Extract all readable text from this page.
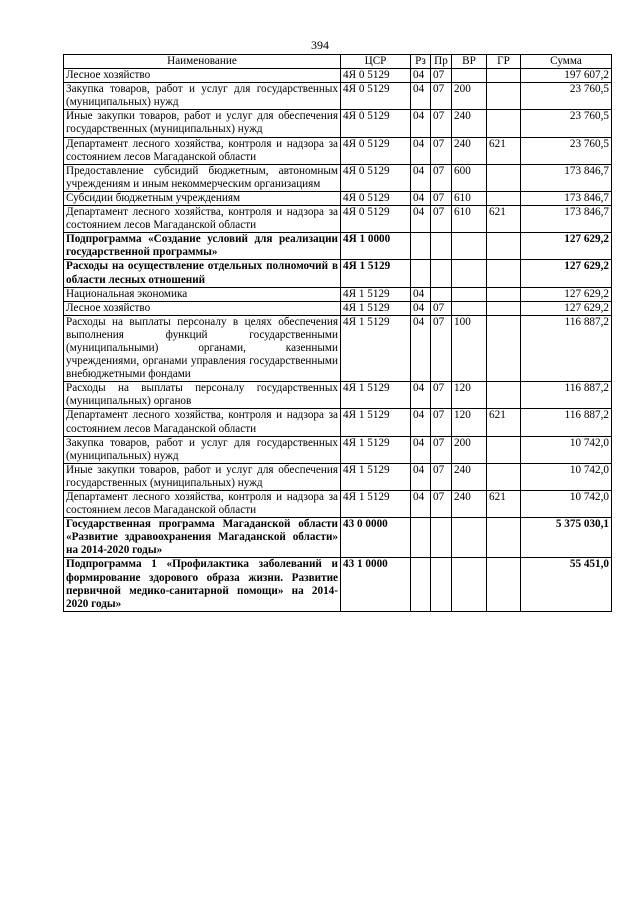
394
Наименование	ЦСР	Рз	Пр	ВР	ГР	Сумма
Лесное хозяйство	4Я 0 5129	04	07			197 607,2
Закупка товаров, работ и услуг для государственных (муниципальных) нужд	4Я 0 5129	04	07	200		23 760,5
Иные закупки товаров, работ и услуг для обеспечения государственных (муниципальных) нужд	4Я 0 5129	04	07	240		23 760,5
Департамент лесного хозяйства, контроля и надзора за состоянием лесов Магаданской области	4Я 0 5129	04	07	240	621	23 760,5
Предоставление субсидий бюджетным, автономным учреждениям и иным некоммерческим организациям	4Я 0 5129	04	07	600		173 846,7
Субсидии бюджетным учреждениям	4Я 0 5129	04	07	610		173 846,7
Департамент лесного хозяйства, контроля и надзора за состоянием лесов Магаданской области	4Я 0 5129	04	07	610	621	173 846,7
Подпрограмма «Создание условий для реализации государственной программы»	4Я 1 0000					127 629,2
Расходы на осуществление отдельных полномочий в области лесных отношений	4Я 1 5129					127 629,2
Национальная экономика	4Я 1 5129	04				127 629,2
Лесное хозяйство	4Я 1 5129	04	07			127 629,2
Расходы на выплаты персоналу в целях обеспечения выполнения функций государственными (муниципальными) органами, казенными учреждениями, органами управления государственными внебюджетными фондами	4Я 1 5129	04	07	100		116 887,2
Расходы на выплаты персоналу государственных (муниципальных) органов	4Я 1 5129	04	07	120		116 887,2
Департамент лесного хозяйства, контроля и надзора за состоянием лесов Магаданской области	4Я 1 5129	04	07	120	621	116 887,2
Закупка товаров, работ и услуг для государственных (муниципальных) нужд	4Я 1 5129	04	07	200		10 742,0
Иные закупки товаров, работ и услуг для обеспечения государственных (муниципальных) нужд	4Я 1 5129	04	07	240		10 742,0
Департамент лесного хозяйства, контроля и надзора за состоянием лесов Магаданской области	4Я 1 5129	04	07	240	621	10 742,0
Государственная программа Магаданской области «Развитие здравоохранения Магаданской области» на 2014-2020 годы»	43 0 0000					5 375 030,1
Подпрограмма 1 «Профилактика заболеваний и формирование здорового образа жизни. Развитие первичной медико-санитарной помощи» на 2014-2020 годы»	43 1 0000					55 451,0
